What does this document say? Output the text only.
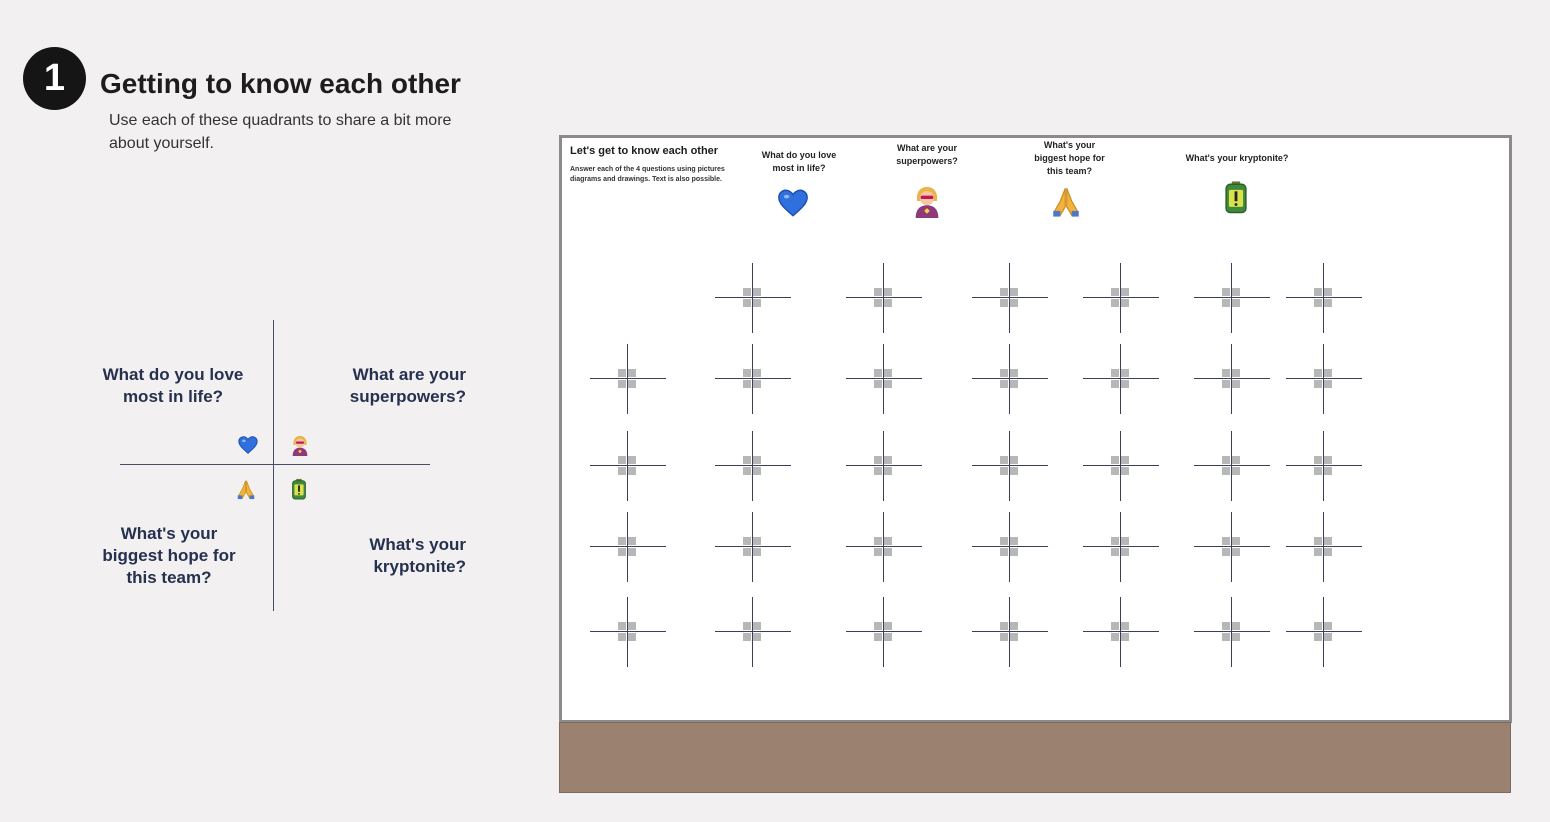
1 Getting to know each other
Use each of these quadrants to share a bit more about yourself.
What do you love most in life?
What are your superpowers?
What's your biggest hope for this team?
What's your kryptonite?
Let's get to know each other
Answer each of the 4 questions using pictures diagrams and drawings. Text is also possible.
What do you love most in life?
What are your superpowers?
What's your biggest hope for this team?
What's your kryptonite?
